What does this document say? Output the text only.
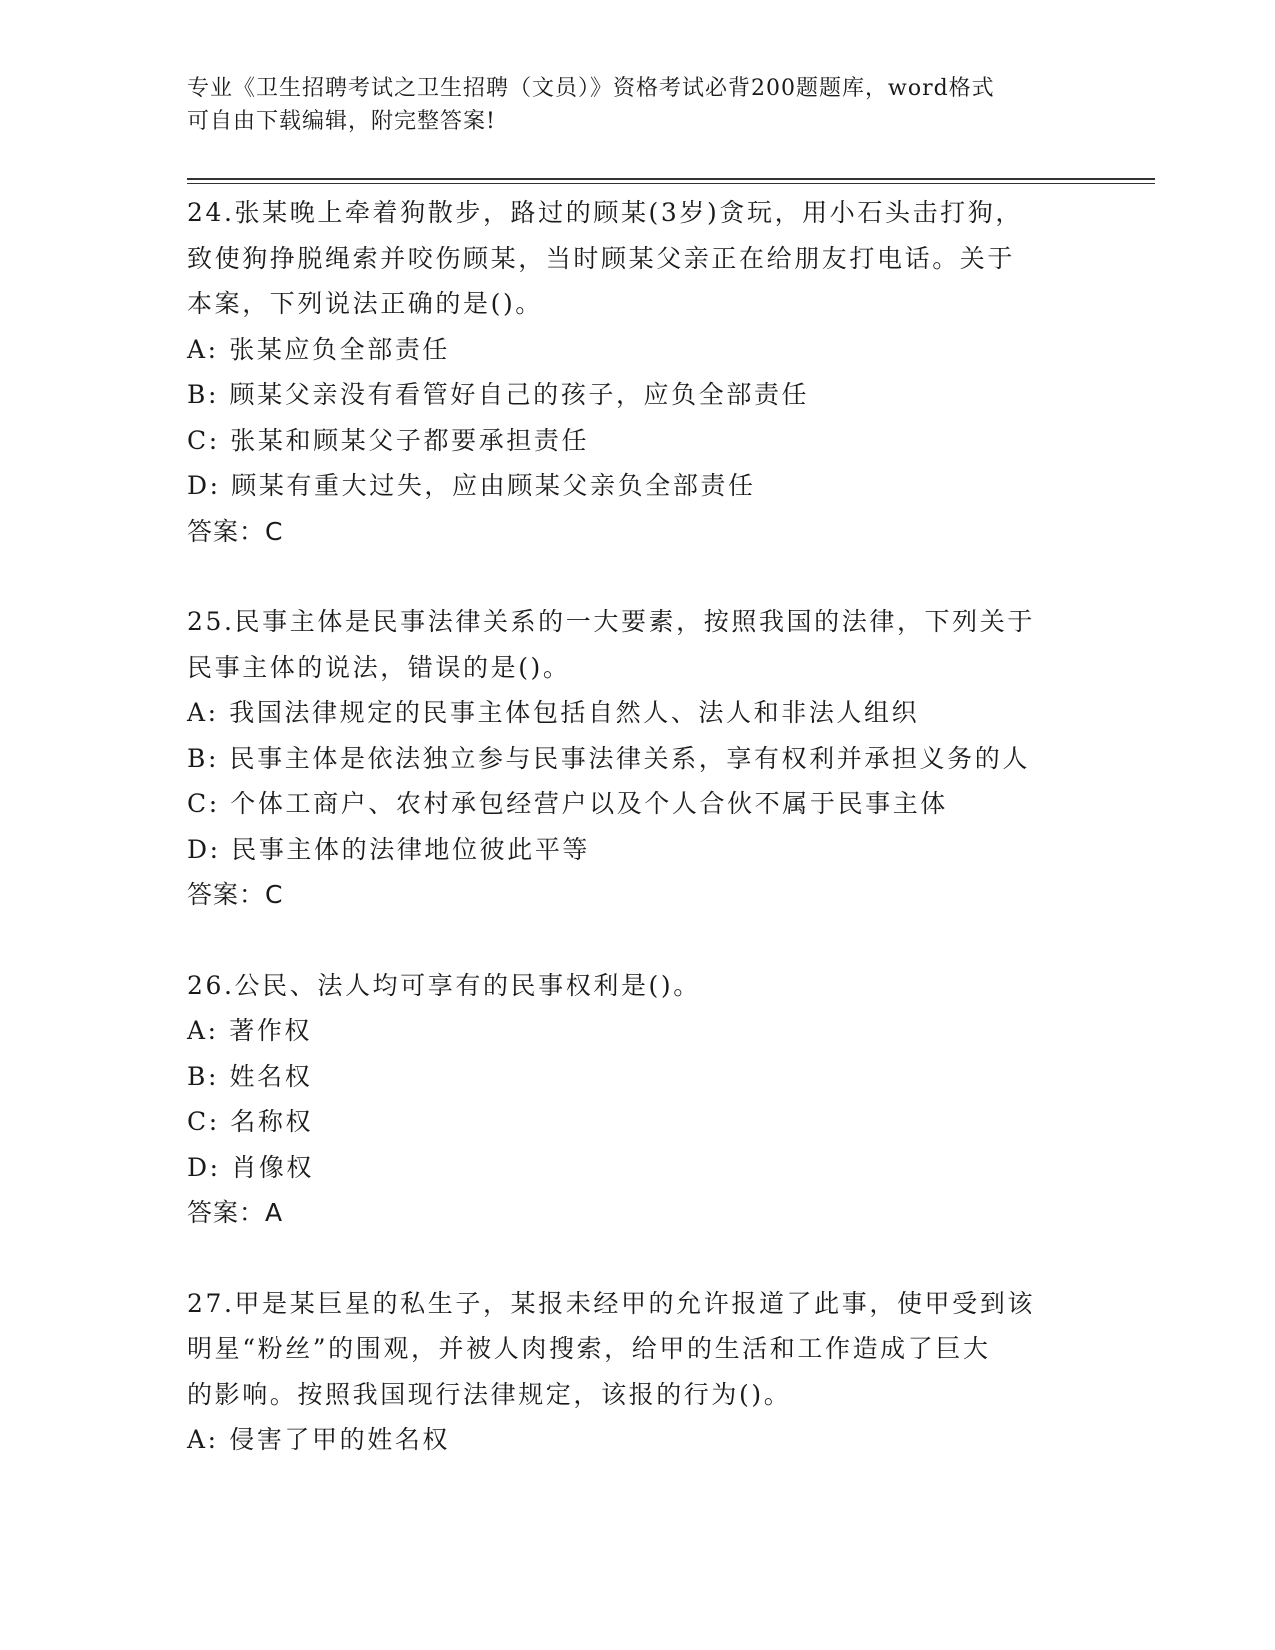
专业《卫生招聘考试之卫生招聘（文员）》资格考试必背200题题库，word格式
可自由下载编辑，附完整答案!
24.张某晚上牵着狗散步，路过的顾某(3岁)贪玩，用小石头击打狗，
致使狗挣脱绳索并咬伤顾某，当时顾某父亲正在给朋友打电话。关于
本案，下列说法正确的是()。
A: 张某应负全部责任
B: 顾某父亲没有看管好自己的孩子，应负全部责任
C: 张某和顾某父子都要承担责任
D: 顾某有重大过失，应由顾某父亲负全部责任
答案：C
25.民事主体是民事法律关系的一大要素，按照我国的法律，下列关于
民事主体的说法，错误的是()。
A: 我国法律规定的民事主体包括自然人、法人和非法人组织
B: 民事主体是依法独立参与民事法律关系，享有权利并承担义务的人
C: 个体工商户、农村承包经营户以及个人合伙不属于民事主体
D: 民事主体的法律地位彼此平等
答案：C
26.公民、法人均可享有的民事权利是()。
A: 著作权
B: 姓名权
C: 名称权
D: 肖像权
答案：A
27.甲是某巨星的私生子，某报未经甲的允许报道了此事，使甲受到该
明星“粉丝”的围观，并被人肉搜索，给甲的生活和工作造成了巨大
的影响。按照我国现行法律规定，该报的行为()。
A: 侵害了甲的姓名权
